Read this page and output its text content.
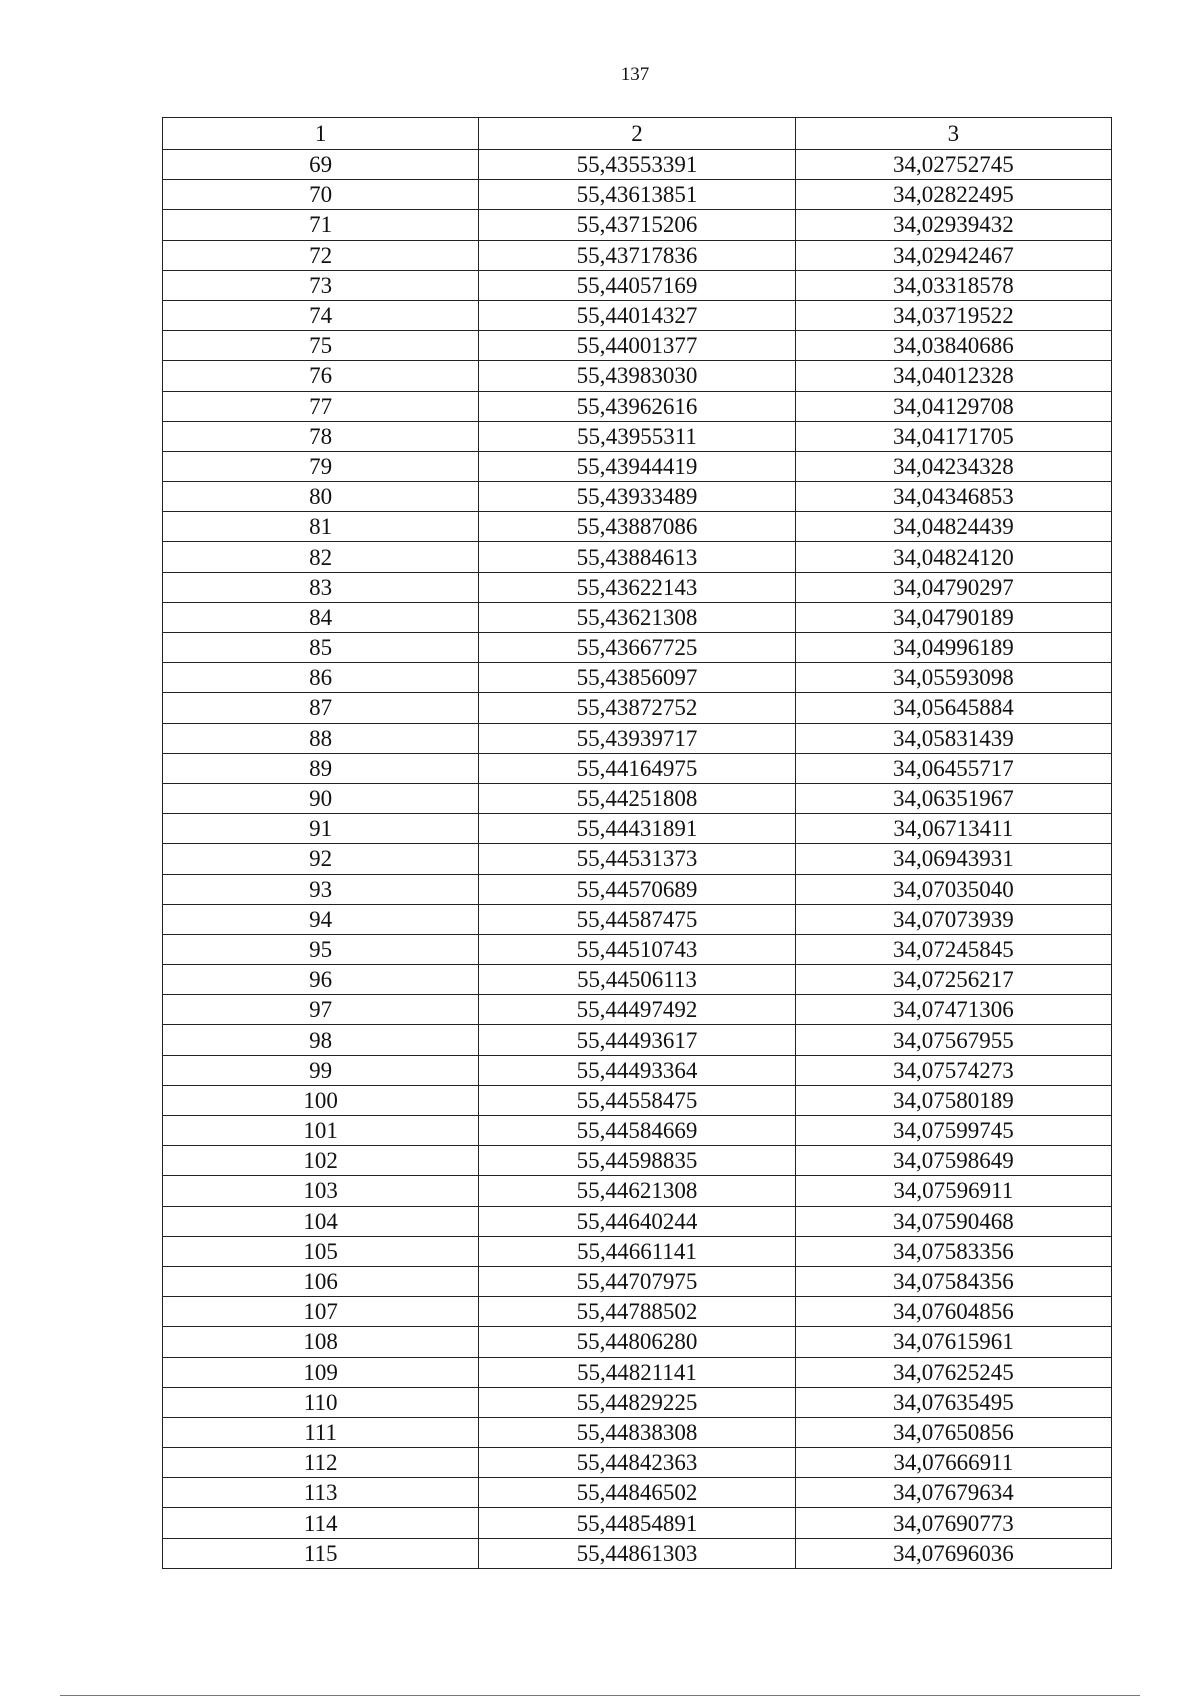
137
1	2	3
69	55,43553391	34,02752745
70	55,43613851	34,02822495
71	55,43715206	34,02939432
72	55,43717836	34,02942467
73	55,44057169	34,03318578
74	55,44014327	34,03719522
75	55,44001377	34,03840686
76	55,43983030	34,04012328
77	55,43962616	34,04129708
78	55,43955311	34,04171705
79	55,43944419	34,04234328
80	55,43933489	34,04346853
81	55,43887086	34,04824439
82	55,43884613	34,04824120
83	55,43622143	34,04790297
84	55,43621308	34,04790189
85	55,43667725	34,04996189
86	55,43856097	34,05593098
87	55,43872752	34,05645884
88	55,43939717	34,05831439
89	55,44164975	34,06455717
90	55,44251808	34,06351967
91	55,44431891	34,06713411
92	55,44531373	34,06943931
93	55,44570689	34,07035040
94	55,44587475	34,07073939
95	55,44510743	34,07245845
96	55,44506113	34,07256217
97	55,44497492	34,07471306
98	55,44493617	34,07567955
99	55,44493364	34,07574273
100	55,44558475	34,07580189
101	55,44584669	34,07599745
102	55,44598835	34,07598649
103	55,44621308	34,07596911
104	55,44640244	34,07590468
105	55,44661141	34,07583356
106	55,44707975	34,07584356
107	55,44788502	34,07604856
108	55,44806280	34,07615961
109	55,44821141	34,07625245
110	55,44829225	34,07635495
111	55,44838308	34,07650856
112	55,44842363	34,07666911
113	55,44846502	34,07679634
114	55,44854891	34,07690773
115	55,44861303	34,07696036
